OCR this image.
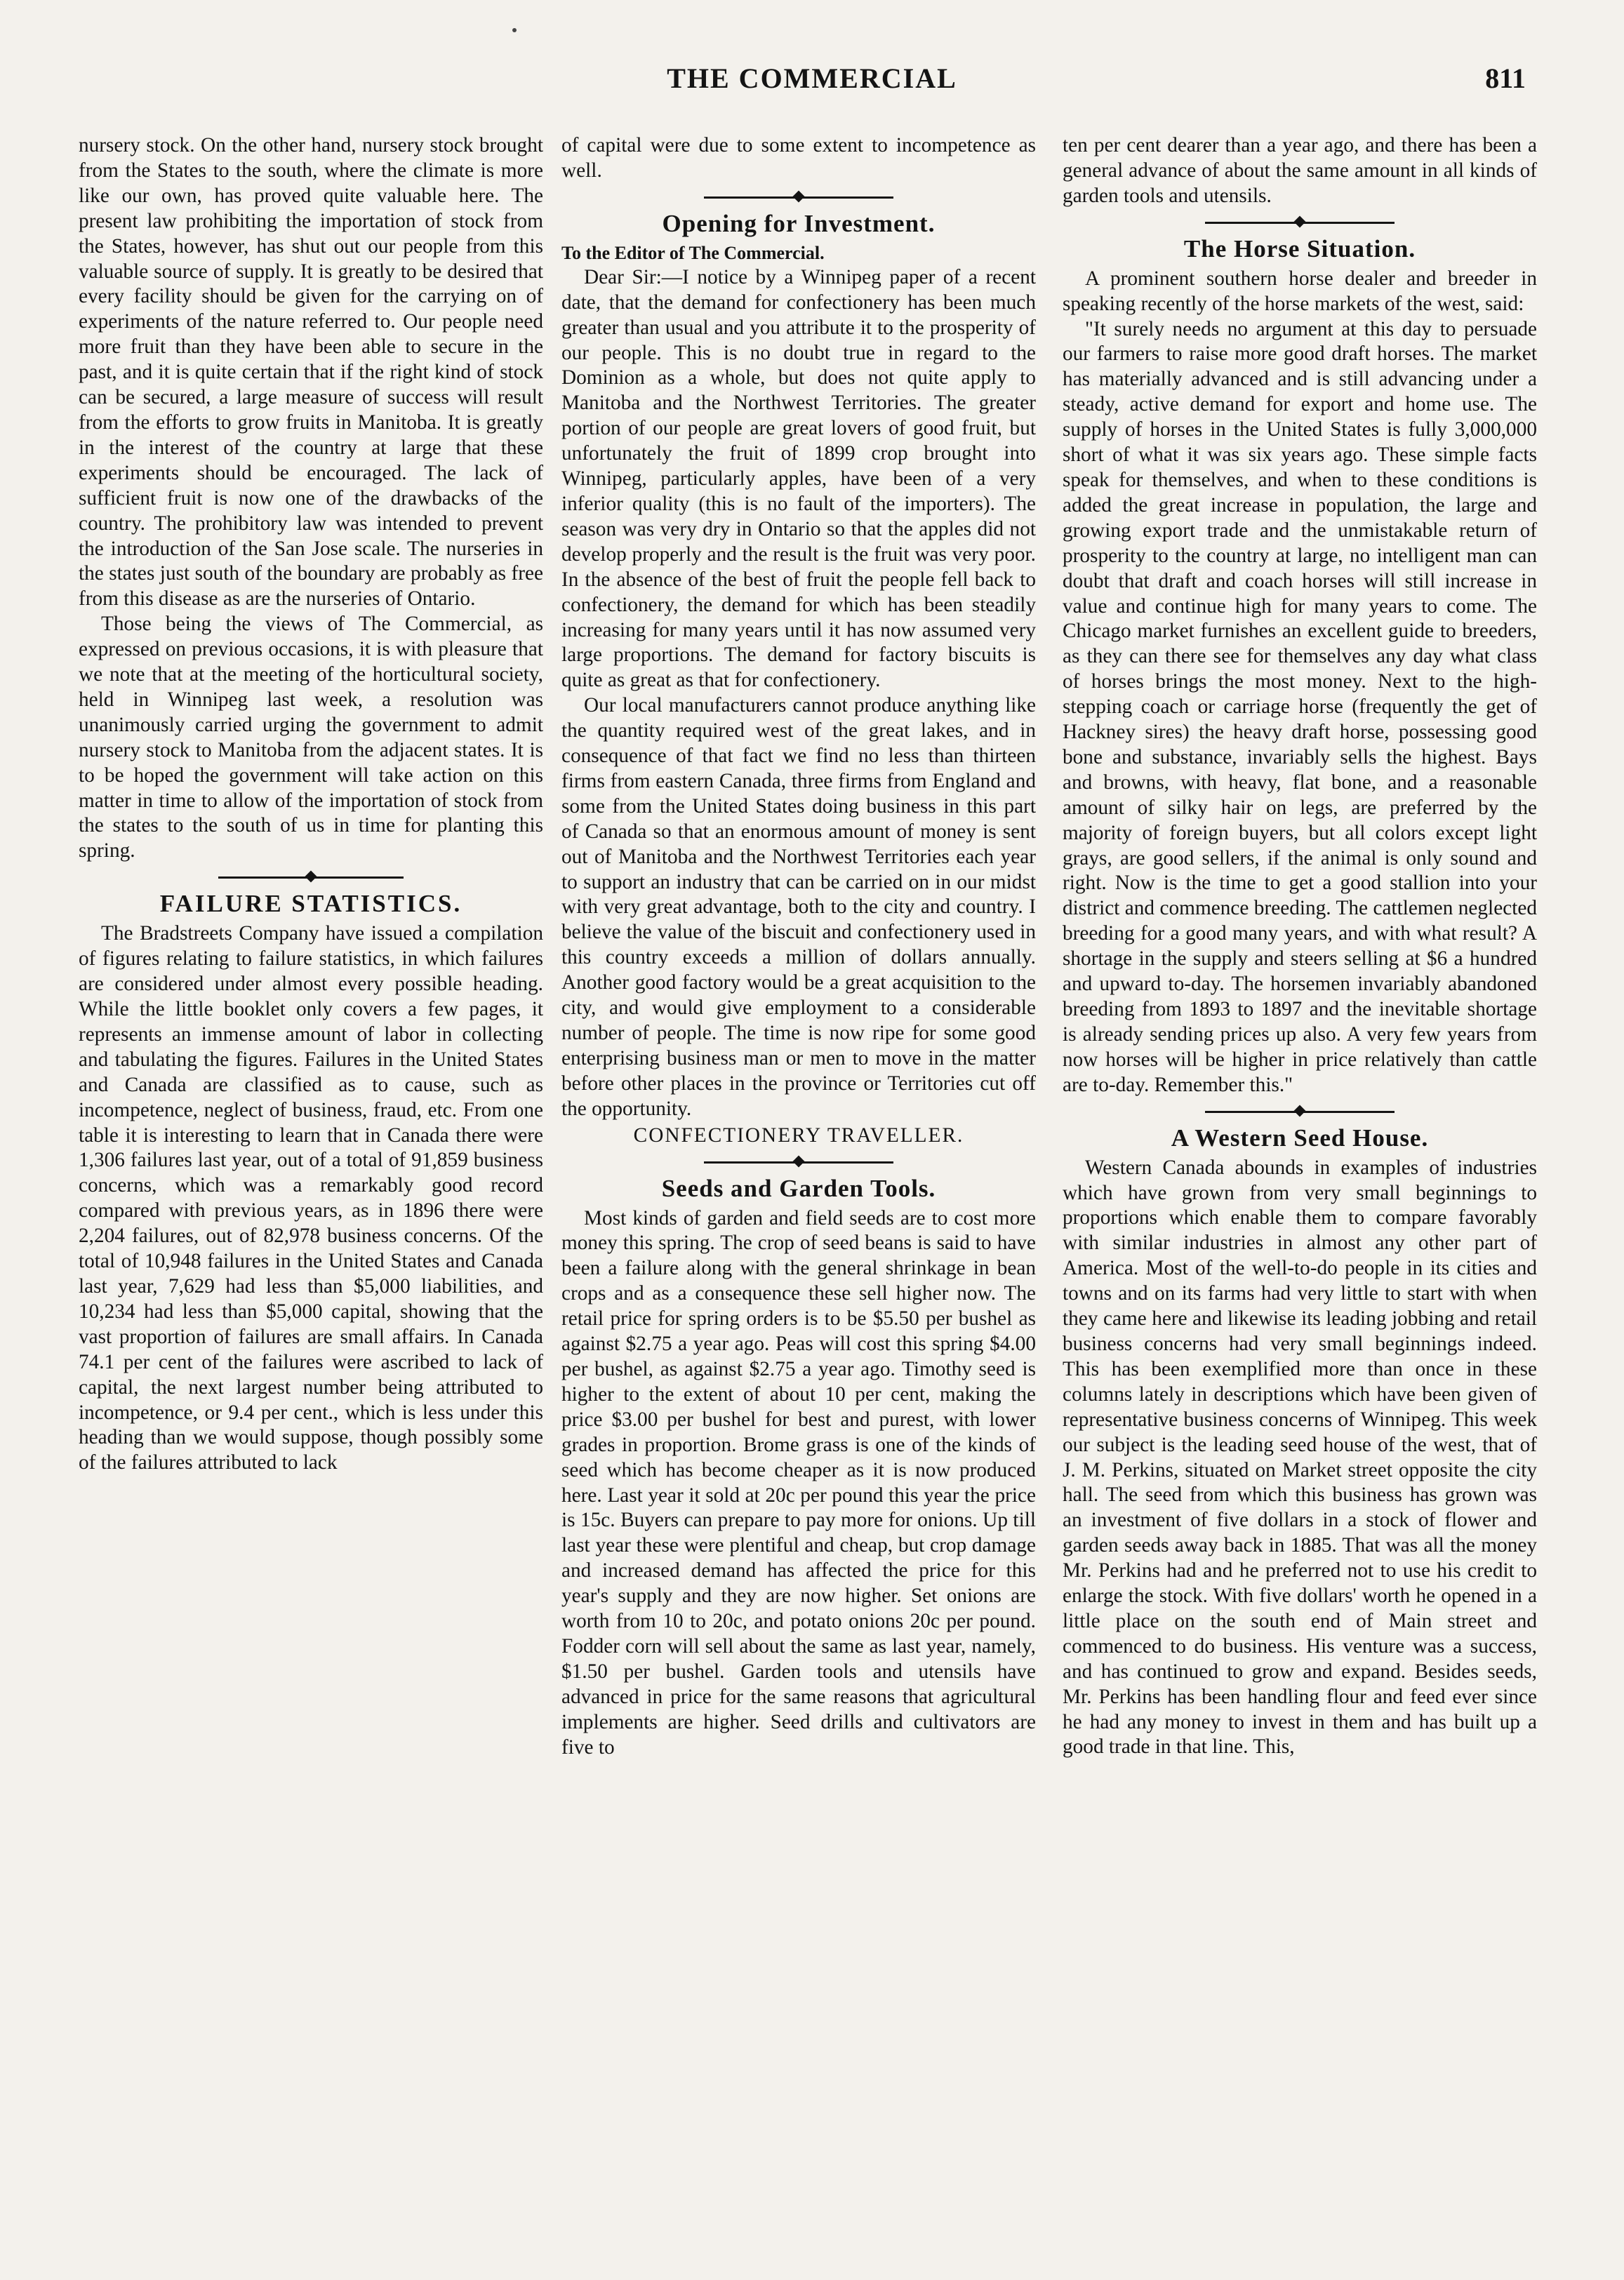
THE COMMERCIAL	811

nursery stock. On the other hand, nursery stock brought from the States to the south, where the climate is more like our own, has proved quite valuable here. The present law prohibiting the importation of stock from the States, however, has shut out our people from this valuable source of supply. It is greatly to be desired that every facility should be given for the carrying on of experiments of the nature referred to. Our people need more fruit than they have been able to secure in the past, and it is quite certain that if the right kind of stock can be secured, a large measure of success will result from the efforts to grow fruits in Manitoba. It is greatly in the interest of the country at large that these experiments should be encouraged. The lack of sufficient fruit is now one of the drawbacks of the country. The prohibitory law was intended to prevent the introduction of the San Jose scale. The nurseries in the states just south of the boundary are probably as free from this disease as are the nurseries of Ontario.

Those being the views of The Commercial, as expressed on previous occasions, it is with pleasure that we note that at the meeting of the horticultural society, held in Winnipeg last week, a resolution was unanimously carried urging the government to admit nursery stock to Manitoba from the adjacent states. It is to be hoped the government will take action on this matter in time to allow of the importation of stock from the states to the south of us in time for planting this spring.

FAILURE STATISTICS.

The Bradstreets Company have issued a compilation of figures relating to failure statistics, in which failures are considered under almost every possible heading. While the little booklet only covers a few pages, it represents an immense amount of labor in collecting and tabulating the figures. Failures in the United States and Canada are classified as to cause, such as incompetence, neglect of business, fraud, etc. From one table it is interesting to learn that in Canada there were 1,306 failures last year, out of a total of 91,859 business concerns, which was a remarkably good record compared with previous years, as in 1896 there were 2,204 failures, out of 82,978 business concerns. Of the total of 10,948 failures in the United States and Canada last year, 7,629 had less than $5,000 liabilities, and 10,234 had less than $5,000 capital, showing that the vast proportion of failures are small affairs. In Canada 74.1 per cent of the failures were ascribed to lack of capital, the next largest number being attributed to incompetence, or 9.4 per cent., which is less under this heading than we would suppose, though possibly some of the failures attributed to lack

of capital were due to some extent to incompetence as well.

Opening for Investment.

To the Editor of The Commercial.

Dear Sir:—I notice by a Winnipeg paper of a recent date, that the demand for confectionery has been much greater than usual and you attribute it to the prosperity of our people. This is no doubt true in regard to the Dominion as a whole, but does not quite apply to Manitoba and the Northwest Territories. The greater portion of our people are great lovers of good fruit, but unfortunately the fruit of 1899 crop brought into Winnipeg, particularly apples, have been of a very inferior quality (this is no fault of the importers). The season was very dry in Ontario so that the apples did not develop properly and the result is the fruit was very poor. In the absence of the best of fruit the people fell back to confectionery, the demand for which has been steadily increasing for many years until it has now assumed very large proportions. The demand for factory biscuits is quite as great as that for confectionery.

Our local manufacturers cannot produce anything like the quantity required west of the great lakes, and in consequence of that fact we find no less than thirteen firms from eastern Canada, three firms from England and some from the United States doing business in this part of Canada so that an enormous amount of money is sent out of Manitoba and the Northwest Territories each year to support an industry that can be carried on in our midst with very great advantage, both to the city and country. I believe the value of the biscuit and confectionery used in this country exceeds a million of dollars annually. Another good factory would be a great acquisition to the city, and would give employment to a considerable number of people. The time is now ripe for some good enterprising business man or men to move in the matter before other places in the province or Territories cut off the opportunity.

CONFECTIONERY TRAVELLER.

Seeds and Garden Tools.

Most kinds of garden and field seeds are to cost more money this spring. The crop of seed beans is said to have been a failure along with the general shrinkage in bean crops and as a consequence these sell higher now. The retail price for spring orders is to be $5.50 per bushel as against $2.75 a year ago. Peas will cost this spring $4.00 per bushel, as against $2.75 a year ago. Timothy seed is higher to the extent of about 10 per cent, making the price $3.00 per bushel for best and purest, with lower grades in proportion. Brome grass is one of the kinds of seed which has become cheaper as it is now produced here. Last year it sold at 20c per pound this year the price is 15c. Buyers can prepare to pay more for onions. Up till last year these were plentiful and cheap, but crop damage and increased demand has affected the price for this year's supply and they are now higher. Set onions are worth from 10 to 20c, and potato onions 20c per pound. Fodder corn will sell about the same as last year, namely, $1.50 per bushel. Garden tools and utensils have advanced in price for the same reasons that agricultural implements are higher. Seed drills and cultivators are five to

ten per cent dearer than a year ago, and there has been a general advance of about the same amount in all kinds of garden tools and utensils.

The Horse Situation.

A prominent southern horse dealer and breeder in speaking recently of the horse markets of the west, said:

"It surely needs no argument at this day to persuade our farmers to raise more good draft horses. The market has materially advanced and is still advancing under a steady, active demand for export and home use. The supply of horses in the United States is fully 3,000,000 short of what it was six years ago. These simple facts speak for themselves, and when to these conditions is added the great increase in population, the large and growing export trade and the unmistakable return of prosperity to the country at large, no intelligent man can doubt that draft and coach horses will still increase in value and continue high for many years to come. The Chicago market furnishes an excellent guide to breeders, as they can there see for themselves any day what class of horses brings the most money. Next to the high-stepping coach or carriage horse (frequently the get of Hackney sires) the heavy draft horse, possessing good bone and substance, invariably sells the highest. Bays and browns, with heavy, flat bone, and a reasonable amount of silky hair on legs, are preferred by the majority of foreign buyers, but all colors except light grays, are good sellers, if the animal is only sound and right. Now is the time to get a good stallion into your district and commence breeding. The cattlemen neglected breeding for a good many years, and with what result? A shortage in the supply and steers selling at $6 a hundred and upward to-day. The horsemen invariably abandoned breeding from 1893 to 1897 and the inevitable shortage is already sending prices up also. A very few years from now horses will be higher in price relatively than cattle are to-day. Remember this."

A Western Seed House.

Western Canada abounds in examples of industries which have grown from very small beginnings to proportions which enable them to compare favorably with similar industries in almost any other part of America. Most of the well-to-do people in its cities and towns and on its farms had very little to start with when they came here and likewise its leading jobbing and retail business concerns had very small beginnings indeed. This has been exemplified more than once in these columns lately in descriptions which have been given of representative business concerns of Winnipeg. This week our subject is the leading seed house of the west, that of J. M. Perkins, situated on Market street opposite the city hall. The seed from which this business has grown was an investment of five dollars in a stock of flower and garden seeds away back in 1885. That was all the money Mr. Perkins had and he preferred not to use his credit to enlarge the stock. With five dollars' worth he opened in a little place on the south end of Main street and commenced to do business. His venture was a success, and has continued to grow and expand. Besides seeds, Mr. Perkins has been handling flour and feed ever since he had any money to invest in them and has built up a good trade in that line. This,
